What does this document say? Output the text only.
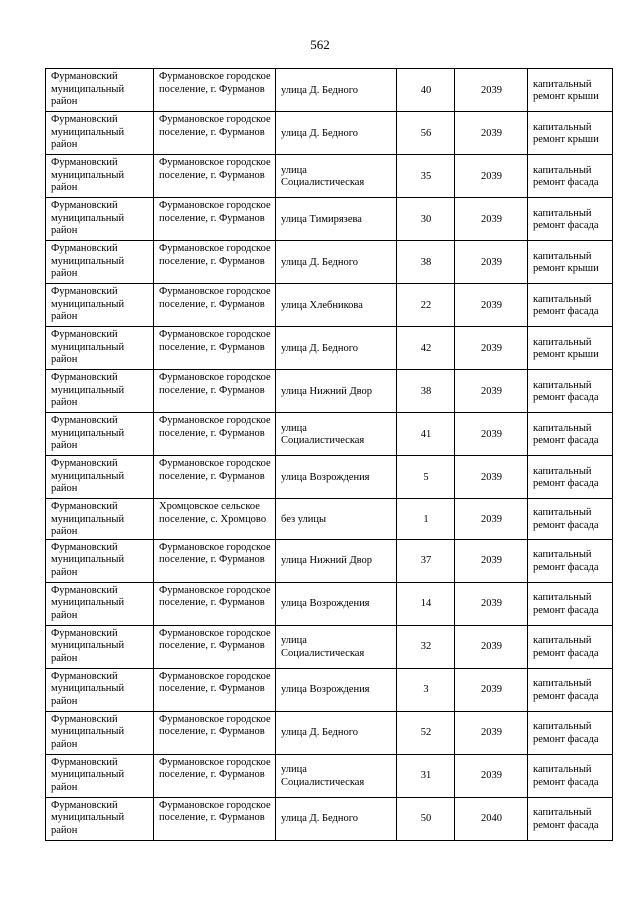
562
Фурмановский муниципальный район	Фурмановское городское поселение, г. Фурманов	улица Д. Бедного	40	2039	капитальный ремонт крыши
Фурмановский муниципальный район	Фурмановское городское поселение, г. Фурманов	улица Д. Бедного	56	2039	капитальный ремонт крыши
Фурмановский муниципальный район	Фурмановское городское поселение, г. Фурманов	улица Социалистическая	35	2039	капитальный ремонт фасада
Фурмановский муниципальный район	Фурмановское городское поселение, г. Фурманов	улица Тимирязева	30	2039	капитальный ремонт фасада
Фурмановский муниципальный район	Фурмановское городское поселение, г. Фурманов	улица Д. Бедного	38	2039	капитальный ремонт крыши
Фурмановский муниципальный район	Фурмановское городское поселение, г. Фурманов	улица Хлебникова	22	2039	капитальный ремонт фасада
Фурмановский муниципальный район	Фурмановское городское поселение, г. Фурманов	улица Д. Бедного	42	2039	капитальный ремонт крыши
Фурмановский муниципальный район	Фурмановское городское поселение, г. Фурманов	улица Нижний Двор	38	2039	капитальный ремонт фасада
Фурмановский муниципальный район	Фурмановское городское поселение, г. Фурманов	улица Социалистическая	41	2039	капитальный ремонт фасада
Фурмановский муниципальный район	Фурмановское городское поселение, г. Фурманов	улица Возрождения	5	2039	капитальный ремонт фасада
Фурмановский муниципальный район	Хромцовское сельское поселение, с. Хромцово	без улицы	1	2039	капитальный ремонт фасада
Фурмановский муниципальный район	Фурмановское городское поселение, г. Фурманов	улица Нижний Двор	37	2039	капитальный ремонт фасада
Фурмановский муниципальный район	Фурмановское городское поселение, г. Фурманов	улица Возрождения	14	2039	капитальный ремонт фасада
Фурмановский муниципальный район	Фурмановское городское поселение, г. Фурманов	улица Социалистическая	32	2039	капитальный ремонт фасада
Фурмановский муниципальный район	Фурмановское городское поселение, г. Фурманов	улица Возрождения	3	2039	капитальный ремонт фасада
Фурмановский муниципальный район	Фурмановское городское поселение, г. Фурманов	улица Д. Бедного	52	2039	капитальный ремонт фасада
Фурмановский муниципальный район	Фурмановское городское поселение, г. Фурманов	улица Социалистическая	31	2039	капитальный ремонт фасада
Фурмановский муниципальный район	Фурмановское городское поселение, г. Фурманов	улица Д. Бедного	50	2040	капитальный ремонт фасада
